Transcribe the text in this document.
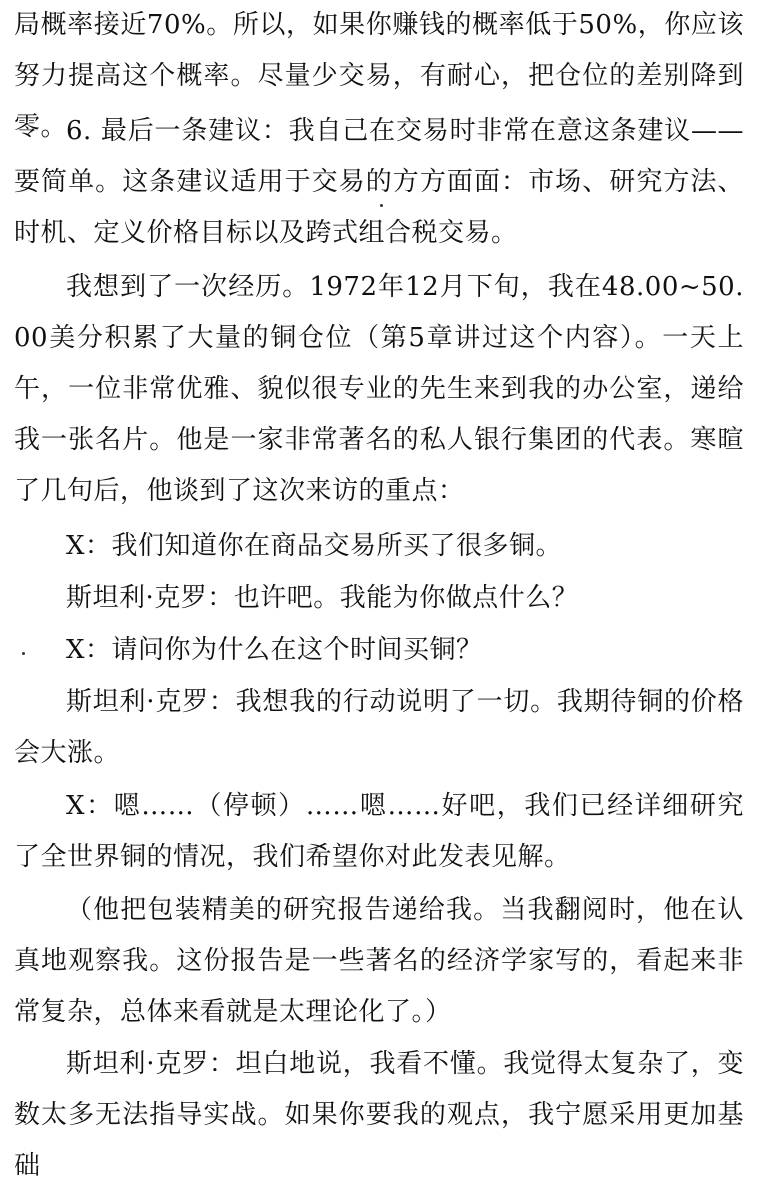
局概率接近70%。所以，如果你赚钱的概率低于50%，你应该努力提高这个概率。尽量少交易，有耐心，把仓位的差别降到零。

6. 最后一条建议：我自己在交易时非常在意这条建议——要简单。这条建议适用于交易的方方面面：市场、研究方法、时机、定义价格目标以及跨式组合税交易。

我想到了一次经历。1972年12月下旬，我在48.00~50.00美分积累了大量的铜仓位（第5章讲过这个内容）。一天上午，一位非常优雅、貌似很专业的先生来到我的办公室，递给我一张名片。他是一家非常著名的私人银行集团的代表。寒暄了几句后，他谈到了这次来访的重点：

X：我们知道你在商品交易所买了很多铜。

斯坦利·克罗：也许吧。我能为你做点什么？

X：请问你为什么在这个时间买铜？

斯坦利·克罗：我想我的行动说明了一切。我期待铜的价格会大涨。

X：嗯……（停顿）……嗯……好吧，我们已经详细研究了全世界铜的情况，我们希望你对此发表见解。

（他把包装精美的研究报告递给我。当我翻阅时，他在认真地观察我。这份报告是一些著名的经济学家写的，看起来非常复杂，总体来看就是太理论化了。）

斯坦利·克罗：坦白地说，我看不懂。我觉得太复杂了，变数太多无法指导实战。如果你要我的观点，我宁愿采用更加基础
